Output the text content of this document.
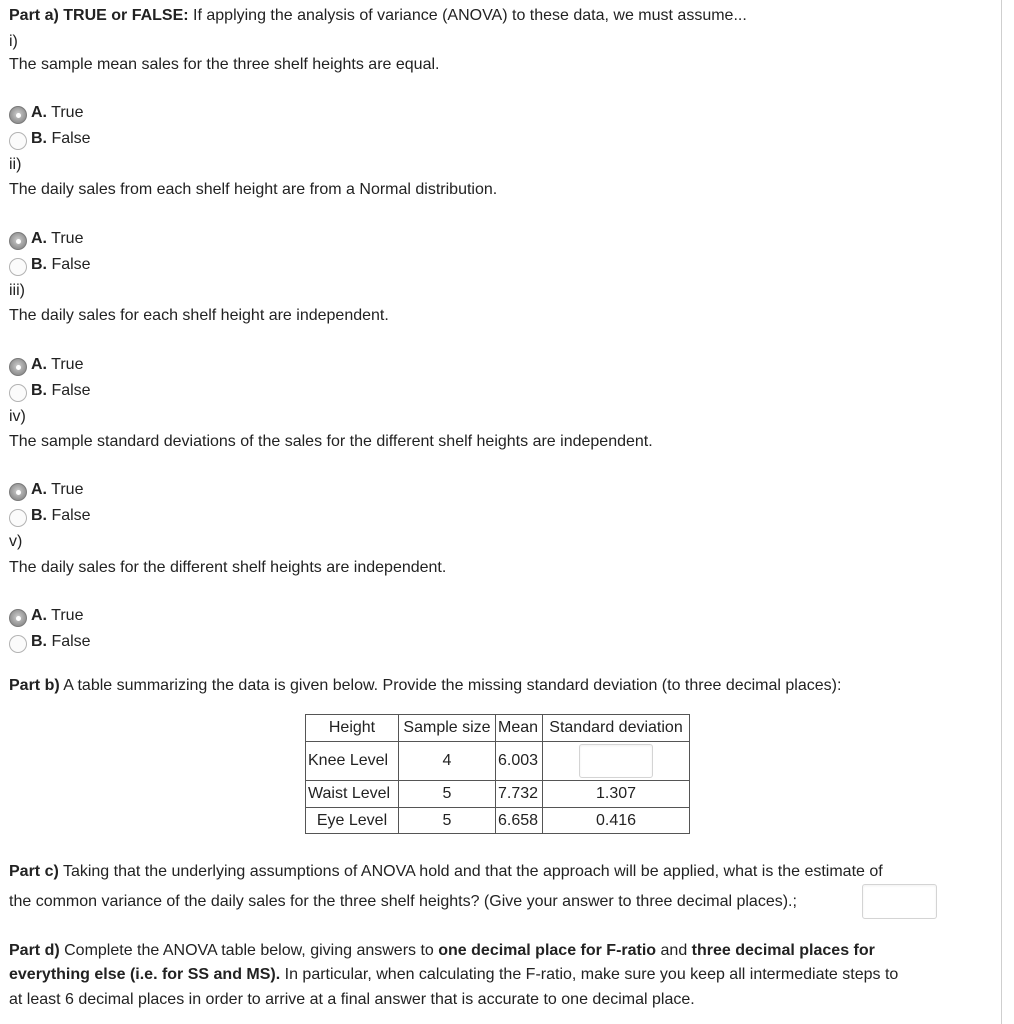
Part a) TRUE or FALSE: If applying the analysis of variance (ANOVA) to these data, we must assume...
i)
The sample mean sales for the three shelf heights are equal.
A. True
B. False
ii)
The daily sales from each shelf height are from a Normal distribution.
A. True
B. False
iii)
The daily sales for each shelf height are independent.
A. True
B. False
iv)
The sample standard deviations of the sales for the different shelf heights are independent.
A. True
B. False
v)
The daily sales for the different shelf heights are independent.
A. True
B. False
Part b) A table summarizing the data is given below. Provide the missing standard deviation (to three decimal places):
Height	Sample size	Mean	Standard deviation
Knee Level	4	6.003	

Waist Level	5	7.732	1.307
Eye Level	5	6.658	0.416
Part c) Taking that the underlying assumptions of ANOVA hold and that the approach will be applied, what is the estimate of
the common variance of the daily sales for the three shelf heights? (Give your answer to three decimal places).;
Part d) Complete the ANOVA table below, giving answers to one decimal place for F-ratio and three decimal places for
everything else (i.e. for SS and MS). In particular, when calculating the F-ratio, make sure you keep all intermediate steps to
at least 6 decimal places in order to arrive at a final answer that is accurate to one decimal place.
